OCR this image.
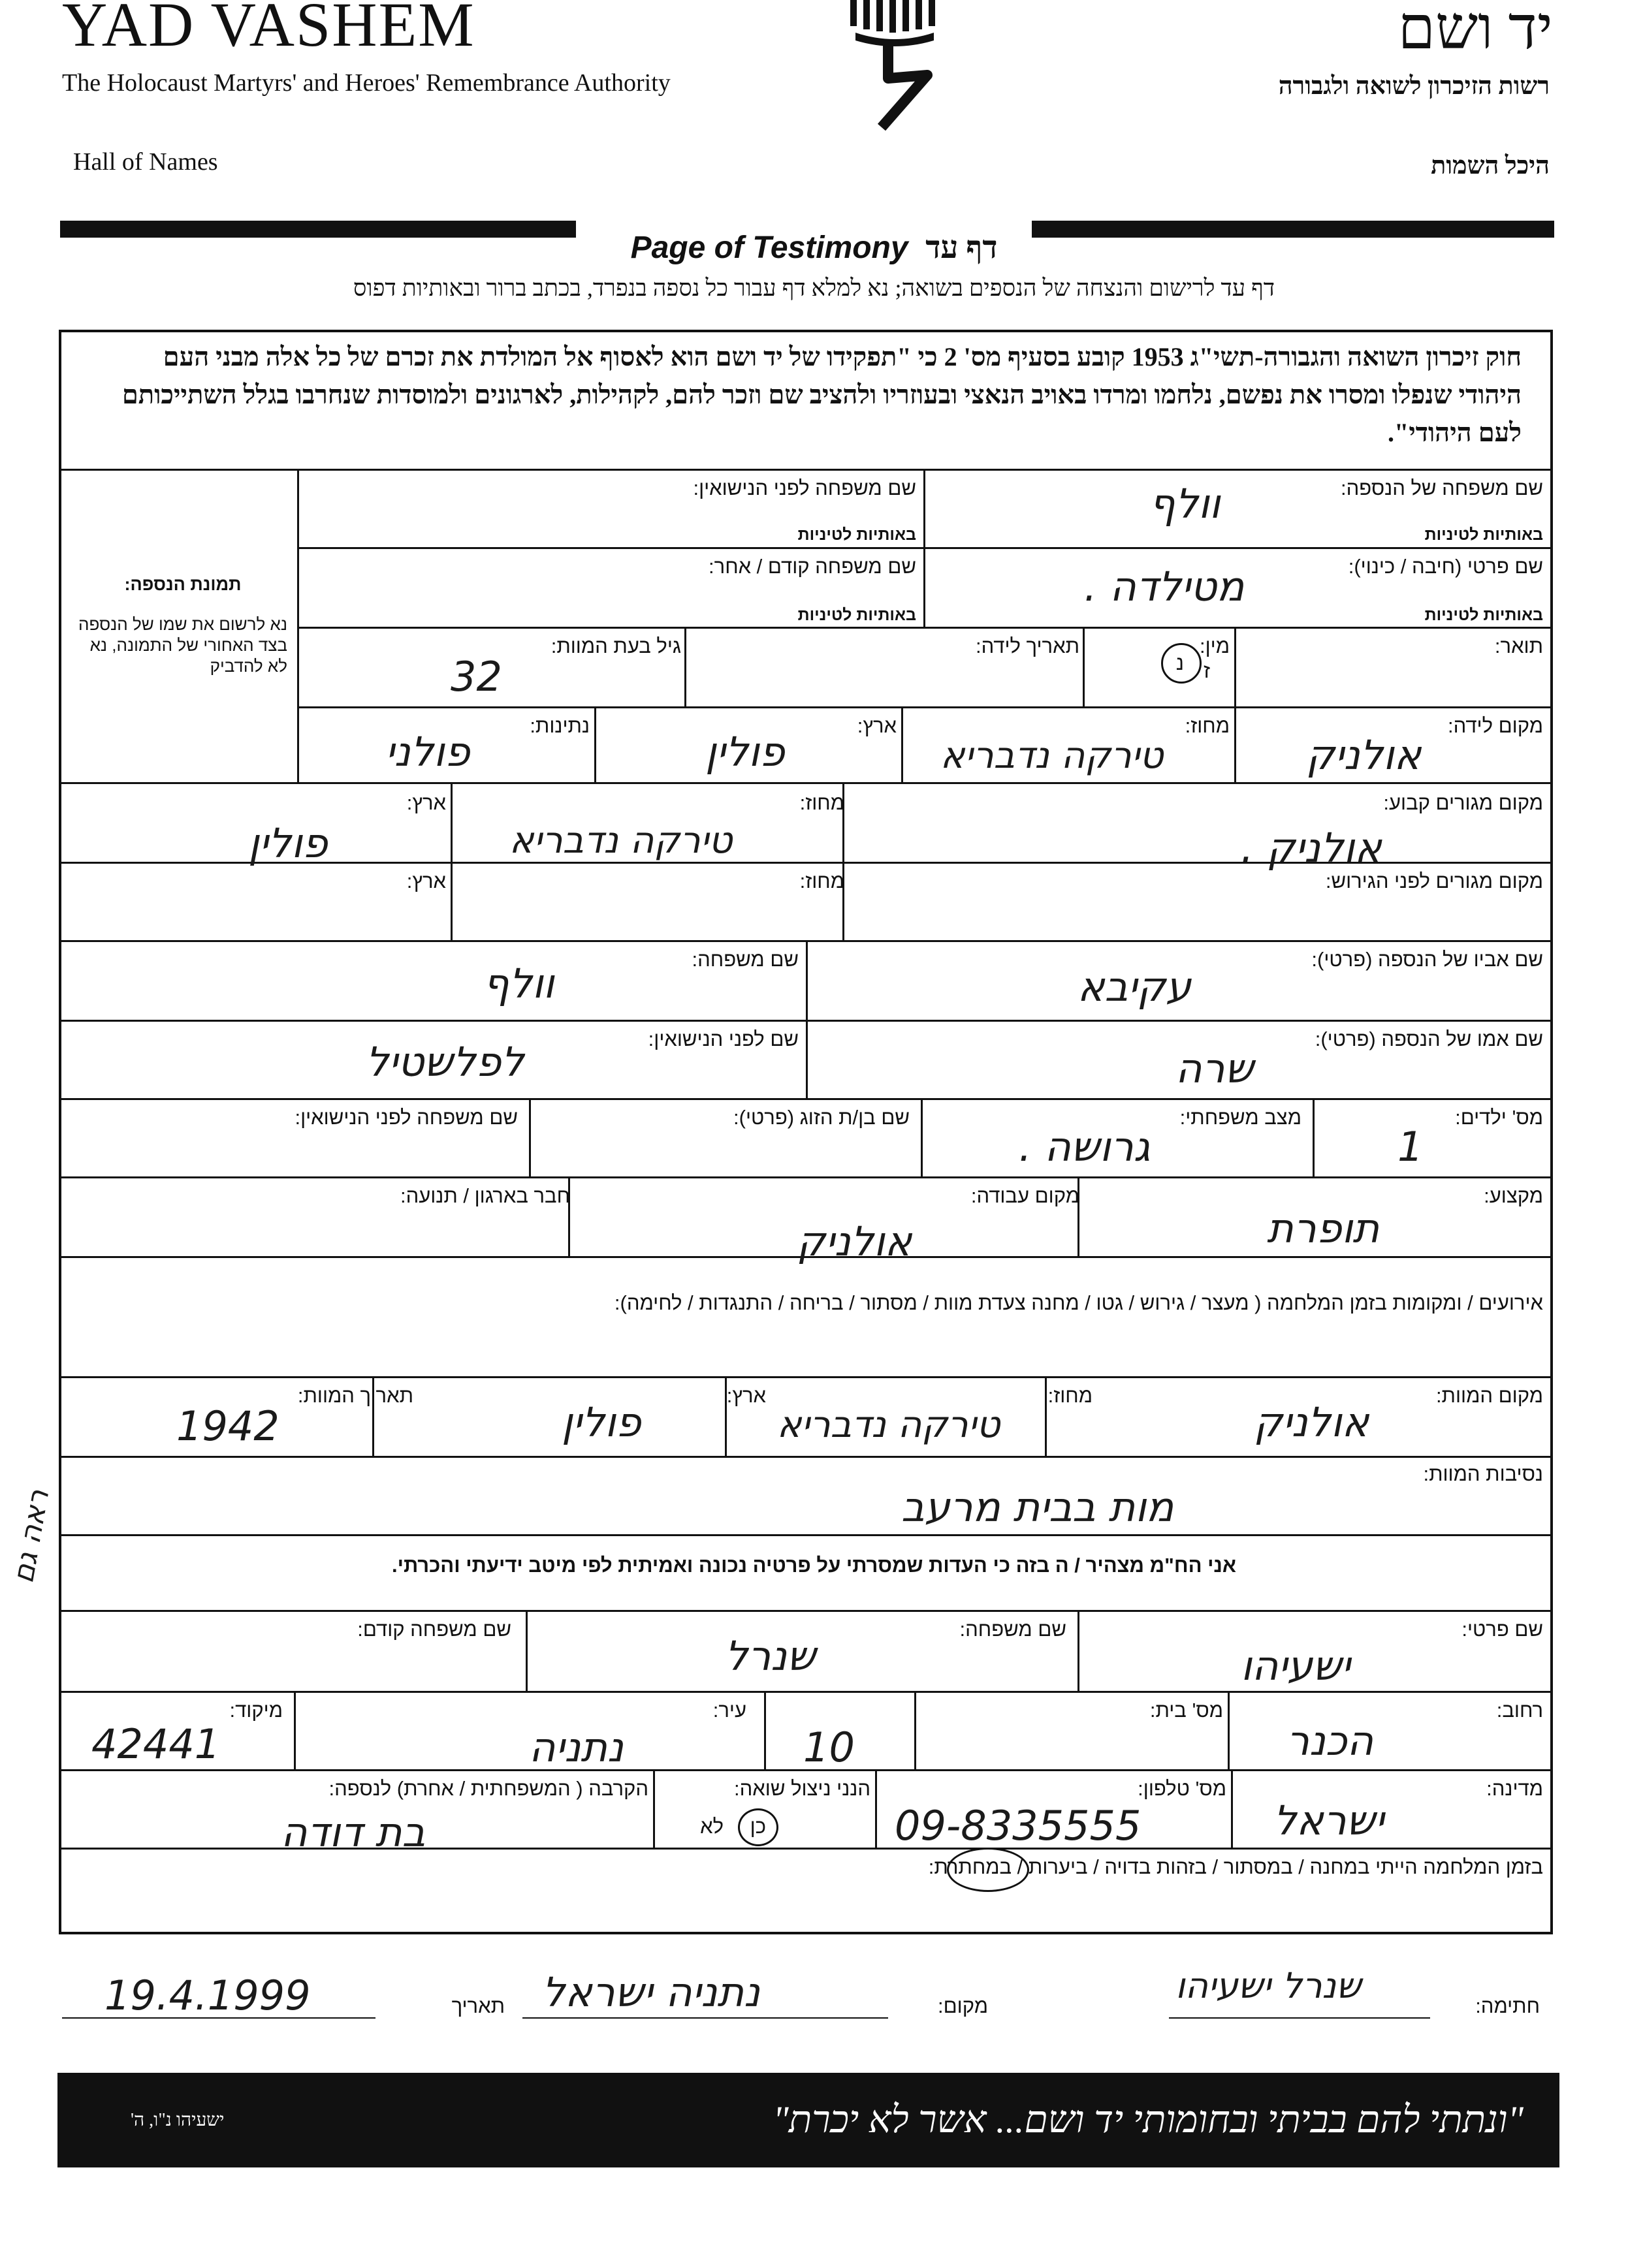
YAD VASHEM	יד ושם
The Holocaust Martyrs' and Heroes' Remembrance Authority	רשות הזיכרון לשואה ולגבורה
Hall of Names	היכל השמות
Page of Testimony דף עד
דף עד לרישום והנצחה של הנספים בשואה; נא למלא דף עבור כל נספה בנפרד, בכתב ברור ובאותיות דפוס
חוק זיכרון השואה והגבורה-תשי"ג 1953 קובע בסעיף מס' 2 כי "תפקידו של יד ושם הוא לאסוף אל המולדת את זכרם של כל אלה מבני העם היהודי שנפלו ומסרו את נפשם, נלחמו ומרדו באויב הנאצי ובעוזריו ולהציב שם וזכר להם, לקהילות, לארגונים ולמוסדות שנחרבו בגלל השתייכותם לעם היהודי".
תמונת הנספה:
נא לרשום את שמו של הנספה בצד האחורי של התמונה, נא לא להדביק
שם משפחה של הנספה:
באותיות לטיניות
וולף
שם משפחה לפני הנישואין:
באותיות לטיניות
שם פרטי (חיבה / כינוי):
באותיות לטיניות
מטילדה .
שם משפחה קודם / אחר:
באותיות לטיניות
תואר:
מין:
ז
נ
תאריך לידה:
גיל בעת המוות:
32
מקום לידה:
אולניק
מחוז:
טירקה נדבריא
ארץ:
פולין
נתינות:
פולני
מקום מגורים קבוע:
אולניק .
מחוז:
טירקה נדבריא
ארץ:
פולין
מקום מגורים לפני הגירוש:
מחוז:
ארץ:
שם אביו של הנספה (פרטי):
עקיבא
שם משפחה:
וולף
שם אמו של הנספה (פרטי):
שרה
שם לפני הנישואין:
לפלשטיל
מס' ילדים:
1
מצב משפחתי:
גרושה .
שם בן/ת הזוג (פרטי):
שם משפחה לפני הנישואין:
מקצוע:
תופרת
מקום עבודה:
אולניק
חבר בארגון / תנועה:
אירועים / ומקומות בזמן המלחמה ( מעצר / גירוש / גטו / מחנה צעדת מוות / מסתור / בריחה / התנגדות / לחימה):
מקום המוות:
אולניק
מחוז:
טירקה נדבריא
ארץ:
פולין
תאריך המוות:
1942
נסיבות המוות:
מות בבית מרעב
אני הח"מ מצהיר / ה בזה כי העדות שמסרתי על פרטיה נכונה ואמיתית לפי מיטב ידיעתי והכרתי.
ראה גם
שם פרטי:
ישעיהו
שם משפחה:
שנרל
שם משפחה קודם:
רחוב:
הכנר
מס' בית:
10
עיר:
נתניה
מיקוד:
42441
מדינה:
ישראל
מס' טלפון:
09-8335555
הנני ניצול שואה:
כן
לא
הקרבה ( המשפחתית / אחרת) לנספה:
בת דודה
בזמן המלחמה הייתי במחנה / במסתור / בזהות בדויה / ביערות / במחתרת:
חתימה:
שנרל ישעיהו
מקום:
נתניה ישראל
תאריך
19.4.1999
"ונתתי להם בביתי ובחומותי יד ושם... אשר לא יכרת"
ישעיהו נ"ו, ה'
